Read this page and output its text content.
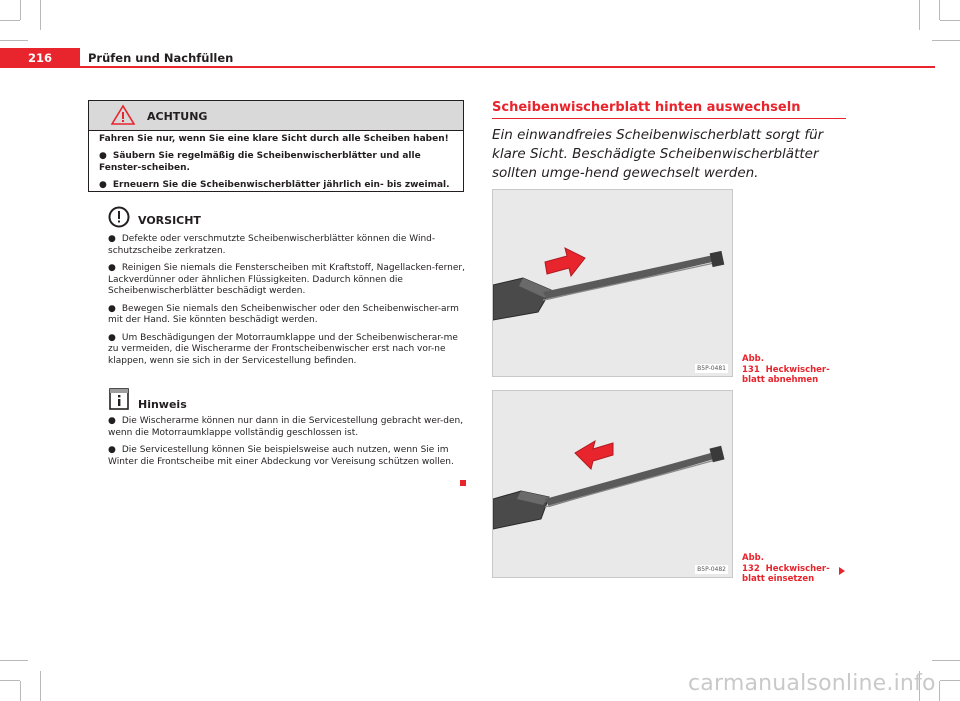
216	Prüfen und Nachfüllen
ACHTUNG

Fahren Sie nur, wenn Sie eine klare Sicht durch alle Scheiben haben!

● Säubern Sie regelmäßig die Scheibenwischerblätter und alle Fenster-scheiben.

● Erneuern Sie die Scheibenwischerblätter jährlich ein- bis zweimal.

VORSICHT

● Defekte oder verschmutzte Scheibenwischerblätter können die Wind-schutzscheibe zerkratzen.

● Reinigen Sie niemals die Fensterscheiben mit Kraftstoff, Nagellacken-ferner, Lackverdünner oder ähnlichen Flüssigkeiten. Dadurch können die Scheibenwischerblätter beschädigt werden.

● Bewegen Sie niemals den Scheibenwischer oder den Scheibenwischer-arm mit der Hand. Sie könnten beschädigt werden.

● Um Beschädigungen der Motorraumklappe und der Scheibenwischerar-me zu vermeiden, die Wischerarme der Frontscheibenwischer erst nach vor-ne klappen, wenn sie sich in der Servicestellung befinden.

Hinweis

● Die Wischerarme können nur dann in die Servicestellung gebracht wer-den, wenn die Motorraumklappe vollständig geschlossen ist.

● Die Servicestellung können Sie beispielsweise auch nutzen, wenn Sie im Winter die Frontscheibe mit einer Abdeckung vor Vereisung schützen wollen.

Scheibenwischerblatt hinten auswechseln
Ein einwandfreies Scheibenwischerblatt sorgt für klare Sicht. Beschädigte Scheibenwischerblätter sollten umge-hend gewechselt werden.
B5P-0481
Abb. 131 Heckwischer-blatt abnehmen
B5P-0482
Abb. 132 Heckwischer-blatt einsetzen
carmanualsonline.info
